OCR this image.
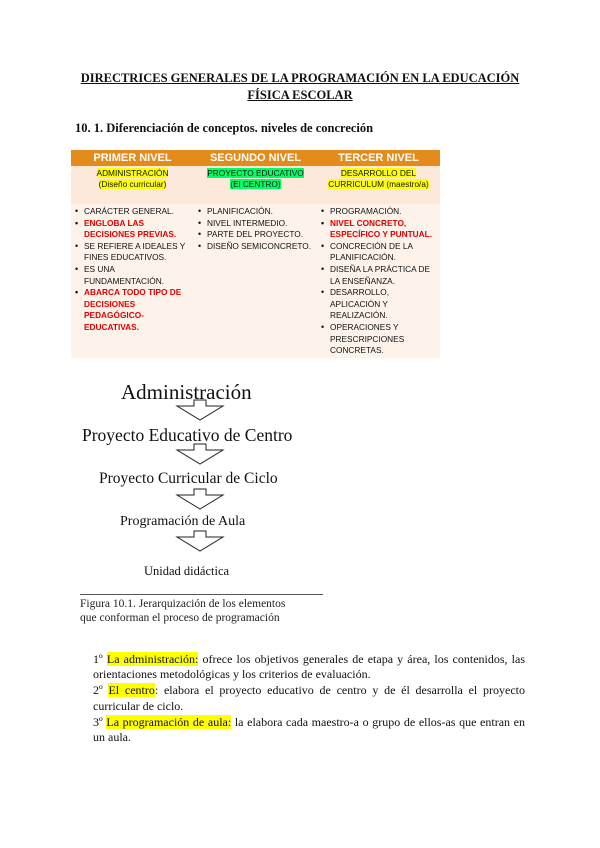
DIRECTRICES GENERALES DE LA PROGRAMACIÓN EN LA EDUCACIÓN FÍSICA ESCOLAR
10. 1. Diferenciación de conceptos. niveles de concreción
PRIMER NIVEL	SEGUNDO NIVEL	TERCER NIVEL
ADMINISTRACIÓN
(Diseño curricular)
PROYECTO EDUCATIVO
(El CENTRO)
DESARROLLO DEL
CURRICULUM (maestro/a)
• CARÁCTER GENERAL.
• ENGLOBA LAS DECISIONES PREVIAS.
• SE REFIERE A IDEALES Y FINES EDUCATIVOS.
• ES UNA FUNDAMENTACIÓN.
• ABARCA TODO TIPO DE DECISIONES PEDAGÓGICO-EDUCATIVAS.
• PLANIFICACIÓN.
• NIVEL INTERMEDIO.
• PARTE DEL PROYECTO.
• DISEÑO SEMICONCRETO.
• PROGRAMACIÓN.
• NIVEL CONCRETO, ESPECÍFICO Y PUNTUAL.
• CONCRECIÓN DE LA PLANIFICACIÓN.
• DISEÑA LA PRÁCTICA DE LA ENSEÑANZA.
• DESARROLLO, APLICACIÓN Y REALIZACIÓN.
• OPERACIONES Y PRESCRIPCIONES CONCRETAS.
Administración
Proyecto Educativo de Centro
Proyecto Curricular de Ciclo
Programación de Aula
Unidad didáctica
Figura 10.1. Jerarquización de los elementos
que conforman el proceso de programación

1º La administración: ofrece los objetivos generales de etapa y área, los contenidos, las orientaciones metodológicas y los criterios de evaluación.

2º El centro: elabora el proyecto educativo de centro y de él desarrolla el proyecto curricular de ciclo.

3º La programación de aula: la elabora cada maestro-a o grupo de ellos-as que entran en un aula.
